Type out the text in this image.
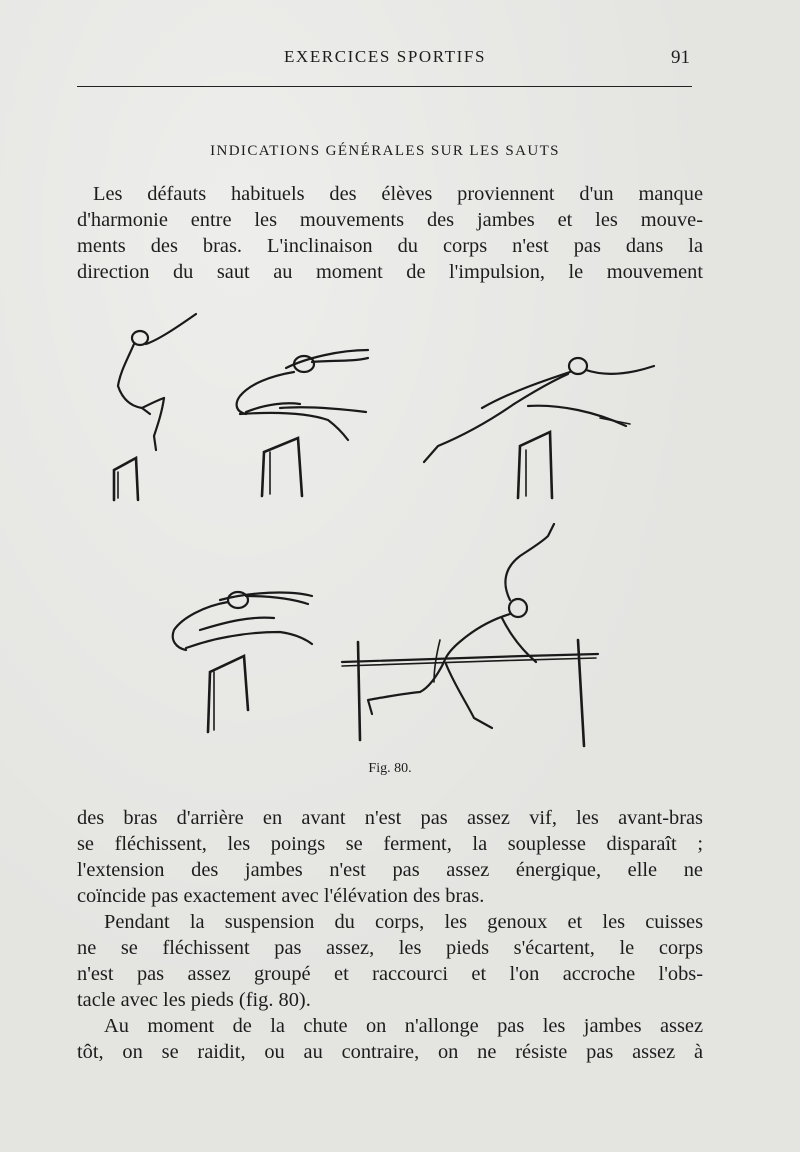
EXERCICES SPORTIFS	91
INDICATIONS GÉNÉRALES SUR LES SAUTS
Les défauts habituels des élèves proviennent d'un manque
d'harmonie entre les mouvements des jambes et les mouve-
ments des bras. L'inclinaison du corps n'est pas dans la
direction du saut au moment de l'impulsion, le mouvement
Fig. 80.
des bras d'arrière en avant n'est pas assez vif, les avant-bras
se fléchissent, les poings se ferment, la souplesse disparaît ;
l'extension des jambes n'est pas assez énergique, elle ne
coïncide pas exactement avec l'élévation des bras.
Pendant la suspension du corps, les genoux et les cuisses
ne se fléchissent pas assez, les pieds s'écartent, le corps
n'est pas assez groupé et raccourci et l'on accroche l'obs-
tacle avec les pieds (fig. 80).
Au moment de la chute on n'allonge pas les jambes assez
tôt, on se raidit, ou au contraire, on ne résiste pas assez à
